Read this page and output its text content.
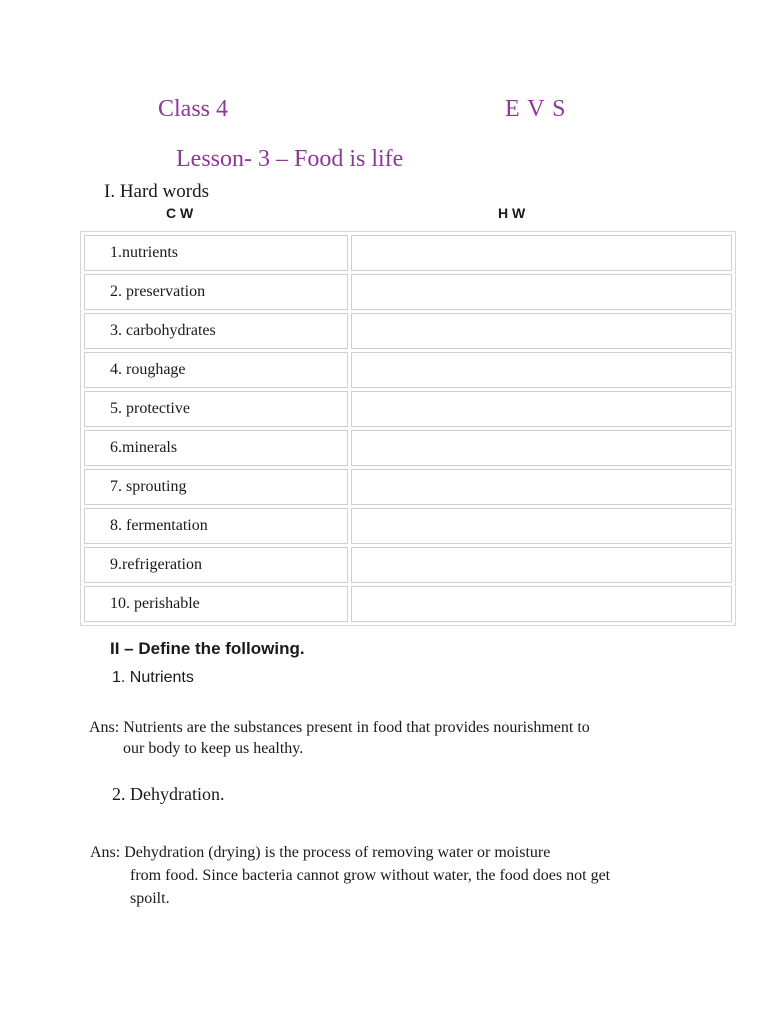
Class 4	E V S
Lesson- 3 – Food is life
I. Hard words
C W	H W
1.nutrients	
2. preservation	
3. carbohydrates	
4. roughage	
5. protective	
6.minerals	
7. sprouting	
8. fermentation	
9.refrigeration	
10. perishable	
II – Define the following.
1. Nutrients
Ans: Nutrients are the substances present in food that provides nourishment to
our body to keep us healthy.
2. Dehydration.
Ans: Dehydration (drying) is the process of removing water or moisture
from food. Since bacteria cannot grow without water, the food does not get
spoilt.
